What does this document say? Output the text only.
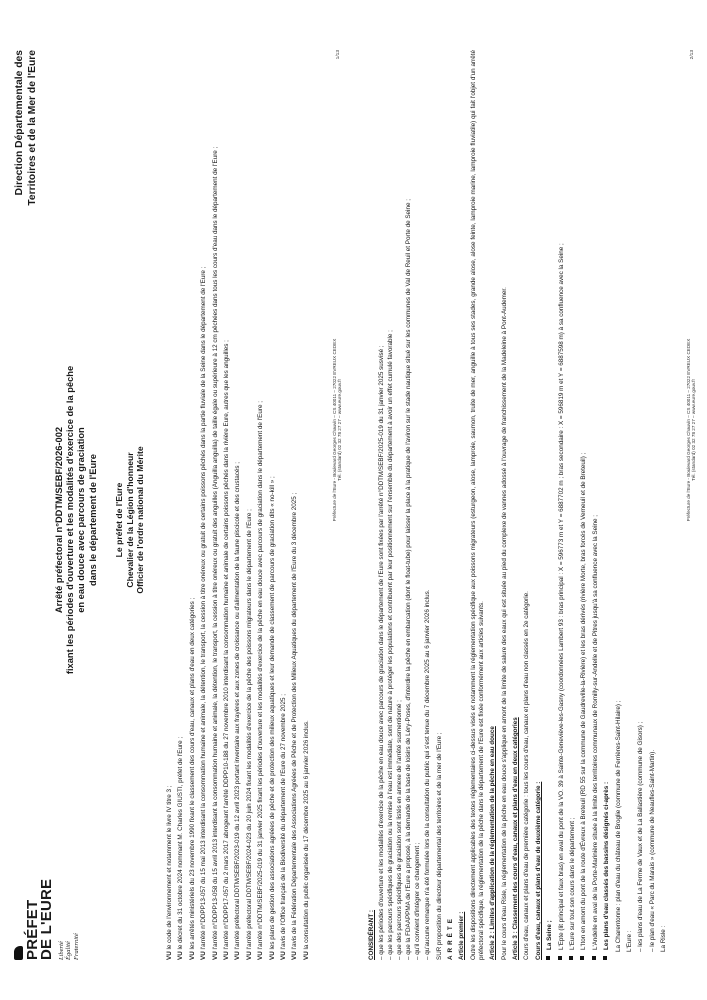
PRÉFET
DE L'EURE Liberté Égalité Fraternité
Direction Départementale des Territoires et de la Mer de l'Eure
Arrêté préfectoral n°DDTM/SEBF/2026-002 fixant les périodes d'ouverture et les modalités d'exercice de la pêche en eau douce avec parcours de graciation dans le département de l'Eure Le préfet de l'Eure Chevalier de la Légion d'honneur Officier de l'ordre national du Mérite

VU le code de l'environnement et notamment le livre IV titre 3 ;

VU le décret du 31 octobre 2024 nommant M. Charles GIUSTI, préfet de l'Eure ;

VU les arrêtés ministériels du 23 novembre 1990 fixant le classement des cours d'eau, canaux et plans d'eau en deux catégories ;

VU l'arrêté n°DDPP13-057 du 15 mai 2013 interdisant la consommation humaine et animale, la détention, le transport, la cession à titre onéreux ou gratuit de certains poissons pêchés dans la partie fluviale de la Seine dans le département de l'Eure ;

VU l'arrêté n°DDPP13-058 du 15 avril 2013 interdisant la consommation humaine et animale, la détention, le transport, la cession à titre onéreux ou gratuit des anguilles (Anguilla anguilla) de taille égale ou supérieure à 12 cm pêchées dans tous les cours d'eau dans le département de l'Eure ;

VU l'arrêté n°DDPP17-057 du 2 mars 2017 abrogeant l'arrêté DDPP10-188 du 27 novembre 2010 interdisant la consommation humaine et animale de certains poissons pêchés dans la rivière Eure, autres que les anguilles ;

VU l'arrêté préfectoral DDTM/SEBF/2023-019 du 12 avril 2023 portant inventaire aux frayères et aux zones de croissance ou d'alimentation de la faune piscicole et des crustacés ;

VU l'arrêté préfectoral DDTM/SEBF/2024-023 du 20 juin 2024 fixant les modalités d'exercice de la pêche des poissons migrateurs dans le département de l'Eure ;

VU l'arrêté n°DDTM/SEBF/2025-019 du 31 janvier 2025 fixant les périodes d'ouverture et les modalités d'exercice de la pêche en eau douce avec parcours de graciation dans le département de l'Eure ;

VU les plans de gestion des associations agréées de pêche et de protection des milieux aquatiques et leur demande de classement de parcours de graciation dits « no-kill » ;

VU l'avis de l'Office français de la Biodiversité du département de l'Eure du 27 novembre 2025 ;

VU l'avis de la Fédération Départementale des Associations Agréées de Pêche et de Protection des Milieux Aquatiques du département de l'Eure du 3 décembre 2025 ;

VU la consultation du public organisée du 17 décembre 2025 au 6 janvier 2026 inclus.

Préfecture de l'Eure - Boulevard Georges Chauvin – CS 40011 – 27022 EVREUX CEDEX Tél. (standard) 02 32 78 27 27 – www.eure.gouv.fr
1/13

CONSIDÉRANT : – que les périodes d'ouverture et les modalités d'exercice de la pêche en eau douce avec parcours de graciation dans le département de l'Eure sont fixées par l'arrêté n°DDTM/SEBF/2025-019 du 31 janvier 2025 susvisé ; – que les parcours spécifiques de graciation ou la remise à l'eau est immédiate, sont de nature à protéger les populations et contribuent par leur positionnement sur l'ensemble du département à avoir un effet cumulé favorable ; – que des parcours spécifiques de graciation sont listés en annexe de l'arrêté susmentionné ; – que la FDAAPPMA de l'Eure a proposé, à la demande de la base de loisirs de Léry-Poses, d'interdire la pêche en embarcation (dont le float-tube) pour laisser la place à la pratique de l'aviron sur le stade nautique situé sur les communes de Val de Reuil et Porte de Seine ; – qu'il convient d'intégrer ce changement ; – qu'aucune remarque n'a été formulée lors de la consultation du public qui s'est tenue du 7 décembre 2025 au 6 janvier 2026 inclus. SUR proposition du directeur départemental des territoires et de la mer de l'Eure ; ARRÊTE Article premier : Outre les dispositions directement applicables des textes réglementaires ci-dessus visés et notamment la réglementation spécifique aux poissons migrateurs (esturgeon, alose, lamproie, saumon, truite de mer, anguille à tous ses stades, grande alose, alose feinte, lamproie marine, lamproie fluviatile) qui fait l'objet d'un arrêté préfectoral spécifique, la réglementation de la pêche dans le département de l'Eure est fixée conformément aux articles suivants. Article 2 : Limites d'application de la réglementation de la pêche en eau douce Pour le cours d'eau Risle, la réglementation de la pêche en eau douce s'applique en amont de la limite de salure des eaux qui est située au pied du complexe de vannes adossé à l'ouvrage de franchissement de la Madeleine à Pont-Audemer. Article 3 : Classement des cours d'eau, canaux et plans d'eau en deux catégories Cours d'eau, canaux et plans d'eau de première catégorie : tous les cours d'eau, canaux et plans d'eau non classés en 2e catégorie. Cours d'eau, canaux et plans d'eau de deuxième catégorie : La Seine ; L'Epte (lit principal et faux bras) en aval du pont de la VO. 39 à Sainte-Geneviève-les-Gasny (coordonnées Lambert 93 : bras principal : X = 596773 m et Y = 6887702 m ; bras secondaire : X = 596819 m et Y = 6887598 m) à sa confluence avec la Seine ; L'Eure sur tout son cours dans le département ; L'Iton en amont du pont de la route d'Évreux à Breteuil (RD 55 sur la commune de Gaudreville-la-Rivière) et les bras dérivés (rivière Morte, bras forcés de Verneuil et de Breteuil) ; L'Andelle en aval de la Porte-Marinière située à la limite des territoires communaux de Romilly-sur-Andelle et de Pitres jusqu'à sa confluence avec la Seine ; Les plans d'eau classés des bassins désignés ci-après : La Charentonne : plan d'eau du château de Broglie (commune de Ferrières-Saint-Hilaire) ; L'Eure : – les plans d'eau de La Ferme de Vaux et de La Ballastière (commune de Gisors) ; – le plan d'eau « Parc du Marais » (commune de Neaufles-Saint-Martin). La Risle :

Préfecture de l'Eure - Boulevard Georges Chauvin – CS 40011 – 27022 EVREUX CEDEX Tél. (standard) 02 32 78 27 27 – www.eure.gouv.fr
2/13
